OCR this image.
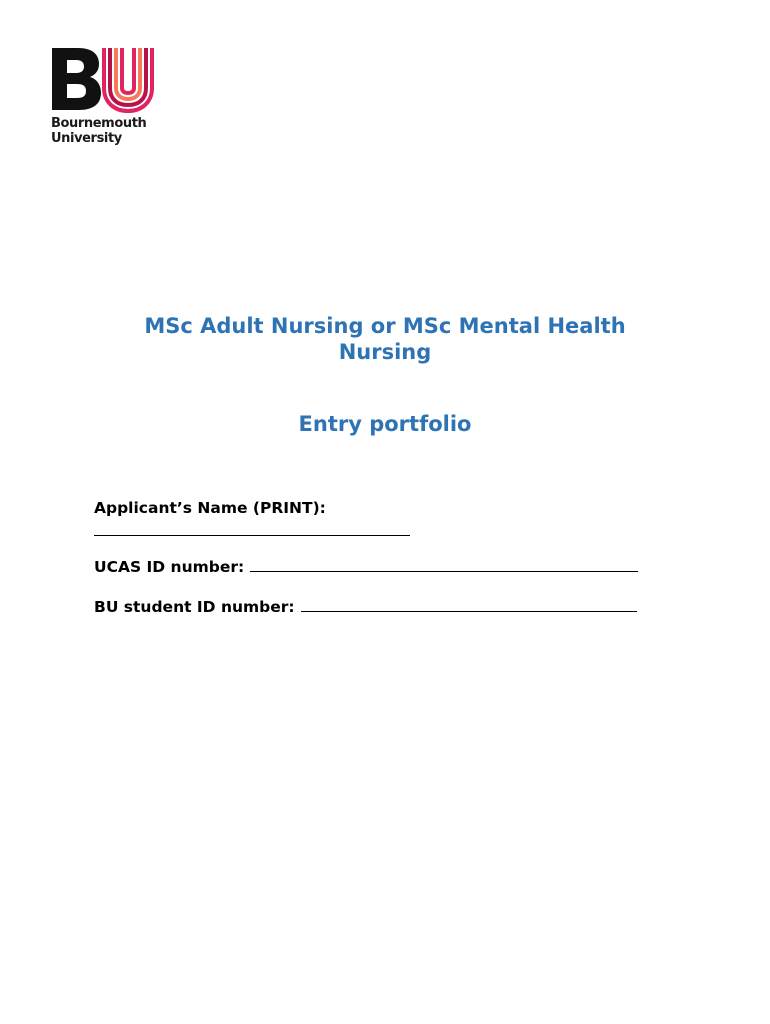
Bournemouth
University
MSc Adult Nursing or MSc Mental Health
Nursing
Entry portfolio
Applicant’s Name (PRINT):
UCAS ID number:
BU student ID number:
